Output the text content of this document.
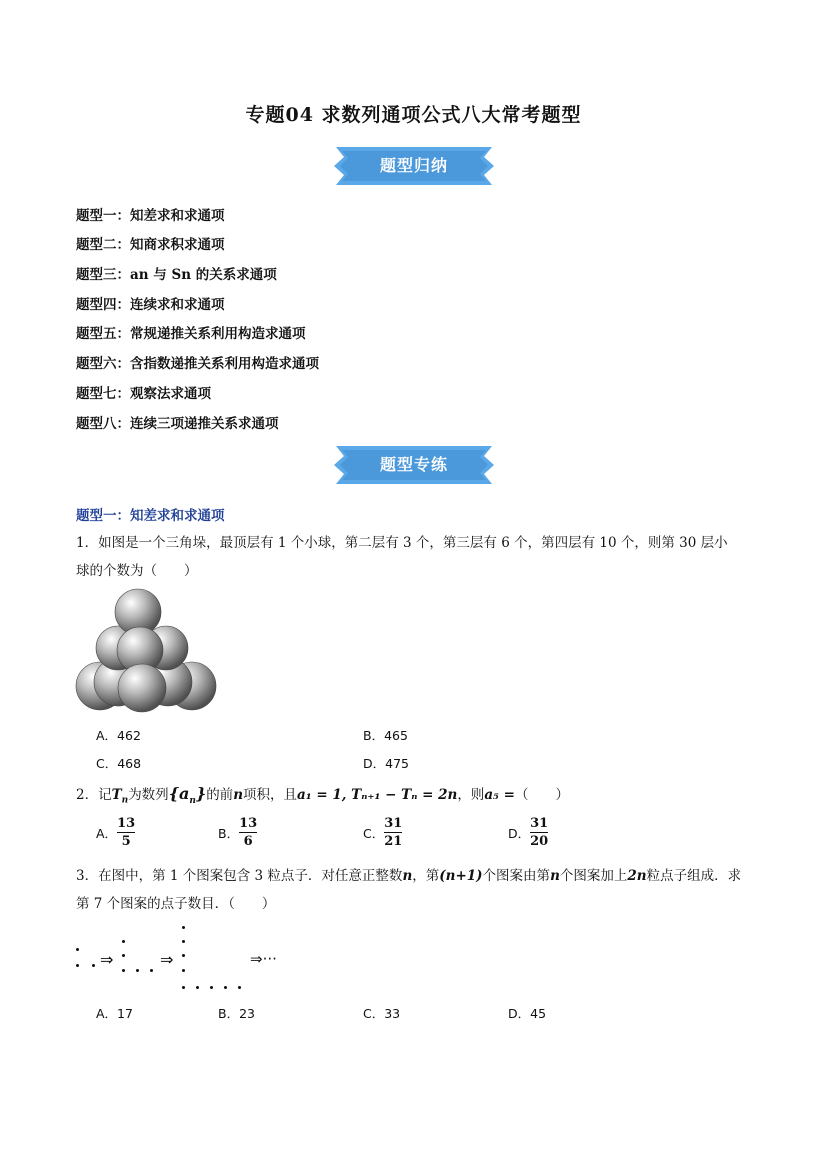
专题04 求数列通项公式八大常考题型
题型归纳
题型一：知差求和求通项
题型二：知商求积求通项
题型三：an 与 Sn 的关系求通项
题型四：连续求和求通项
题型五：常规递推关系利用构造求通项
题型六：含指数递推关系利用构造求通项
题型七：观察法求通项
题型八：连续三项递推关系求通项
题型专练
题型一：知差求和求通项
1．如图是一个三角垛，最顶层有 1 个小球，第二层有 3 个，第三层有 6 个，第四层有 10 个，则第 30 层小
球的个数为（　　）
A．462	B．465
C．468	D．475
2．记$T_n$为数列$\{a_n\}$的前n项积，且a₁ = 1, Tₙ₊₁ − Tₙ = 2n，则a₅ =（　　）
A． $\frac{13}{5}$	B． $\frac{13}{6}$	C． $\frac{31}{21}$	D． $\frac{31}{20}$
3．在图中，第 1 个图案包含 3 粒点子．对任意正整数n，第(n+1)个图案由第n个图案加上2n粒点子组成．求
第 7 个图案的点子数目．（　　）
⇒	⇒	⇒···
A．17	B．23	C．33	D．45
